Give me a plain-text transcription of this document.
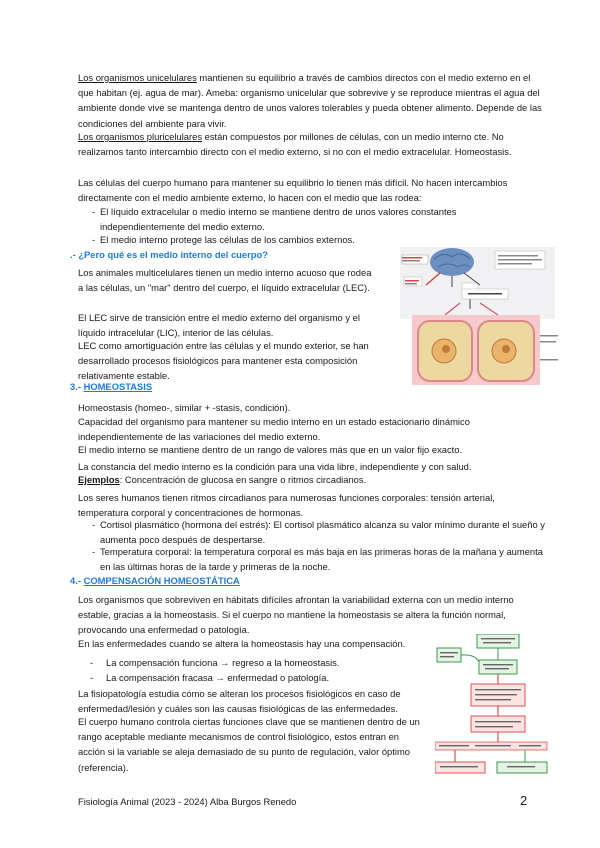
Los organismos unicelulares mantienen su equilibrio a través de cambios directos con el medio externo en el que habitan (ej. agua de mar). Ameba: organismo unicelular que sobrevive y se reproduce mientras el agua del ambiente donde vive se mantenga dentro de unos valores tolerables y pueda obtener alimento. Depende de las condiciones del ambiente para vivir.

Los organismos pluricelulares están compuestos por millones de células, con un medio interno cte. No realizamos tanto intercambio directo con el medio externo, si no con el medio extracelular. Homeostasis.

Las células del cuerpo humano para mantener su equilibrio lo tienen más difícil. No hacen intercambios directamente con el medio ambiente externo, lo hacen con el medio que las rodea:

- El líquido extracelular o medio interno se mantiene dentro de unos valores constantes independientemente del medio externo.

- El medio interno protege las células de los cambios externos.

.- ¿Pero qué es el medio interno del cuerpo?

Los animales multicelulares tienen un medio interno acuoso que rodea a las células, un "mar" dentro del cuerpo, el líquido extracelular (LEC).

El LEC sirve de transición entre el medio externo del organismo y el líquido intracelular (LIC), interior de las células.

LEC como amortiguación entre las células y el mundo exterior, se han desarrollado procesos fisiológicos para mantener esta composición relativamente estable.

3.- HOMEOSTASIS

Homeostasis (homeo-, similar + -stasis, condición).

Capacidad del organismo para mantener su medio interno en un estado estacionario dinámico independientemente de las variaciones del medio externo.

El medio interno se mantiene dentro de un rango de valores más que en un valor fijo exacto.

La constancia del medio interno es la condición para una vida libre, independiente y con salud.

Ejemplos: Concentración de glucosa en sangre o ritmos circadianos.

Los seres humanos tienen ritmos circadianos para numerosas funciones corporales: tensión arterial, temperatura corporal y concentraciones de hormonas.

- Cortisol plasmático (hormona del estrés): El cortisol plasmático alcanza su valor mínimo durante el sueño y aumenta poco después de despertarse.

- Temperatura corporal: la temperatura corporal es más baja en las primeras horas de la mañana y aumenta en las últimas horas de la tarde y primeras de la noche.

4.- COMPENSACIÓN HOMEOSTÁTICA

Los organismos que sobreviven en hábitats difíciles afrontan la variabilidad externa con un medio interno estable, gracias a la homeostasis. Si el cuerpo no mantiene la homeostasis se altera la función normal, provocando una enfermedad o patología.

En las enfermedades cuando se altera la homeostasis hay una compensación.

- La compensación funciona → regreso a la homeostasis.

- La compensación fracasa → enfermedad o patología.

La fisiopatología estudia cómo se alteran los procesos fisiológicos en caso de enfermedad/lesión y cuáles son las causas fisiológicas de las enfermedades.

El cuerpo humano controla ciertas funciones clave que se mantienen dentro de un rango aceptable mediante mecanismos de control fisiológico, estos entran en acción si la variable se aleja demasiado de su punto de regulación, valor óptimo (referencia).

Fisiología Animal (2023 - 2024) Alba Burgos Renedo	2
